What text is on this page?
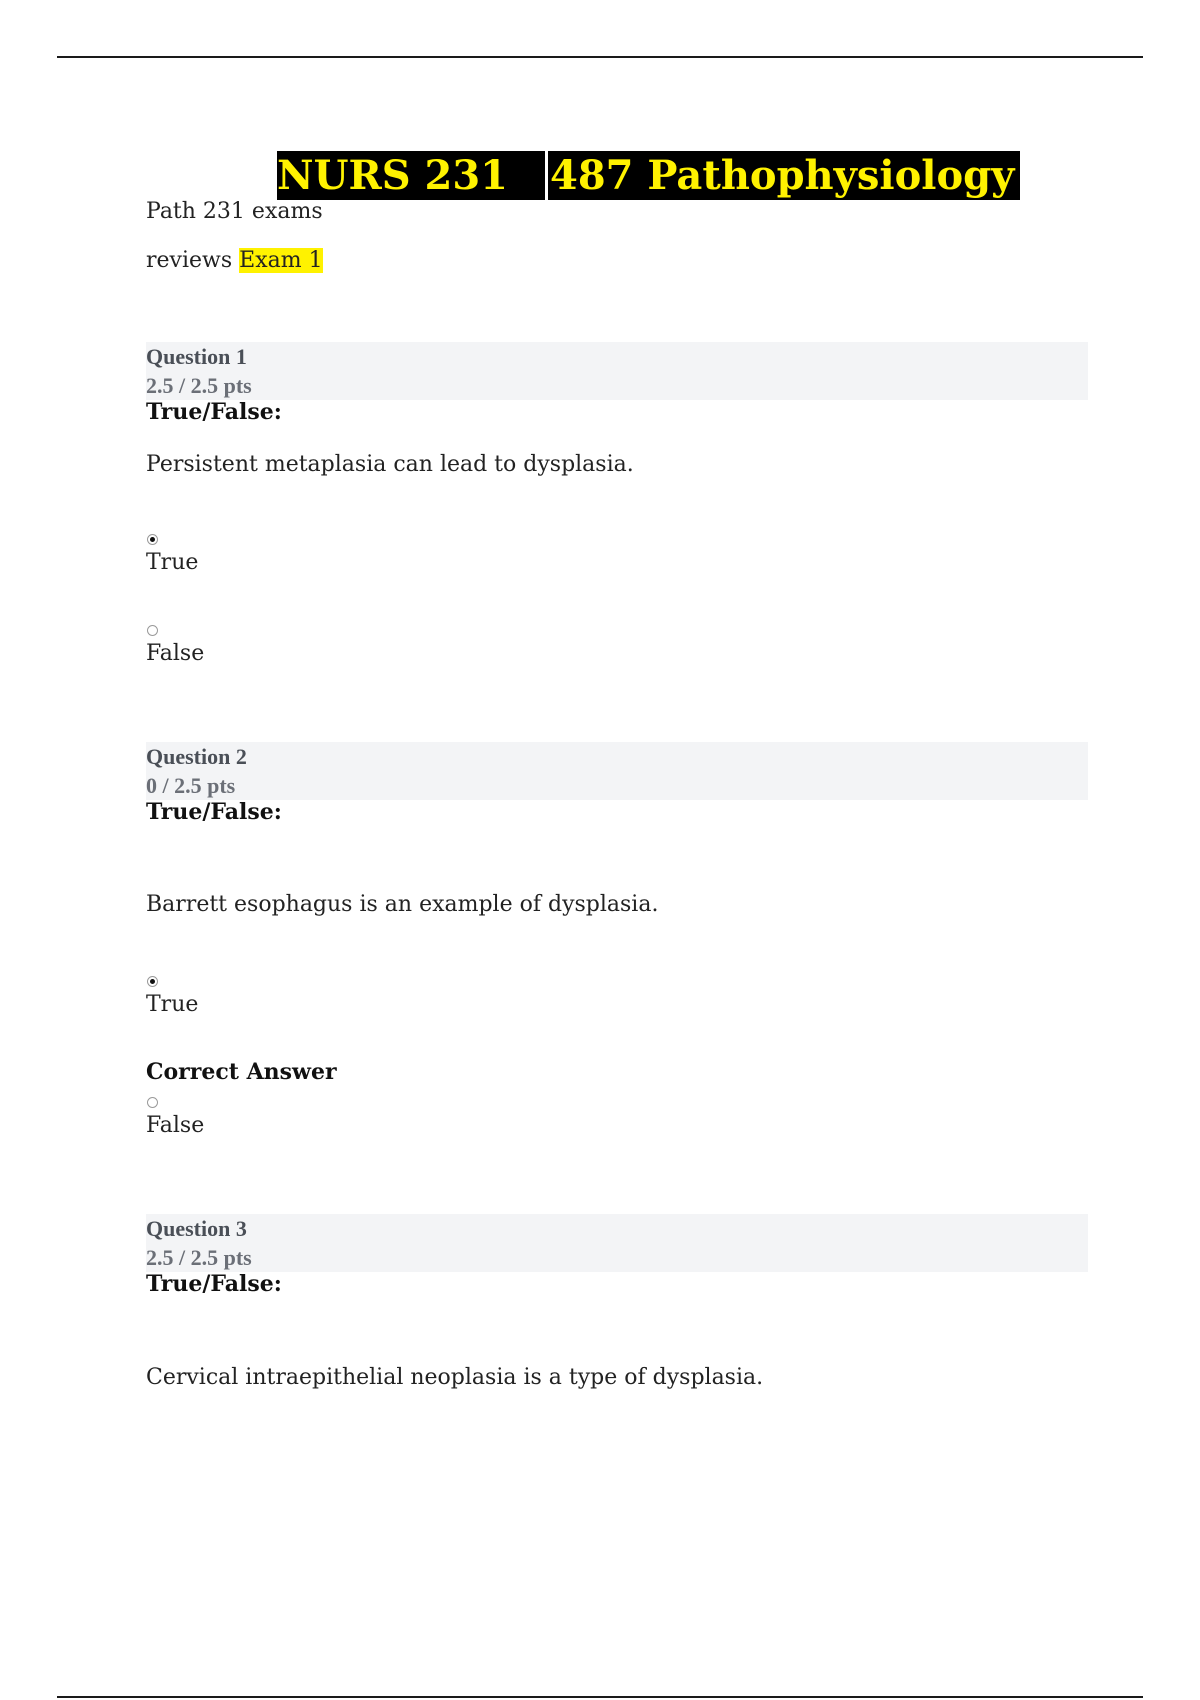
NURS 231	487 Pathophysiology
Path 231 exams
reviews Exam 1
Question 1
2.5 / 2.5 pts
True/False:
Persistent metaplasia can lead to dysplasia.
True
False
Question 2
0 / 2.5 pts
True/False:
Barrett esophagus is an example of dysplasia.
True
Correct Answer
False
Question 3
2.5 / 2.5 pts
True/False:
Cervical intraepithelial neoplasia is a type of dysplasia.
